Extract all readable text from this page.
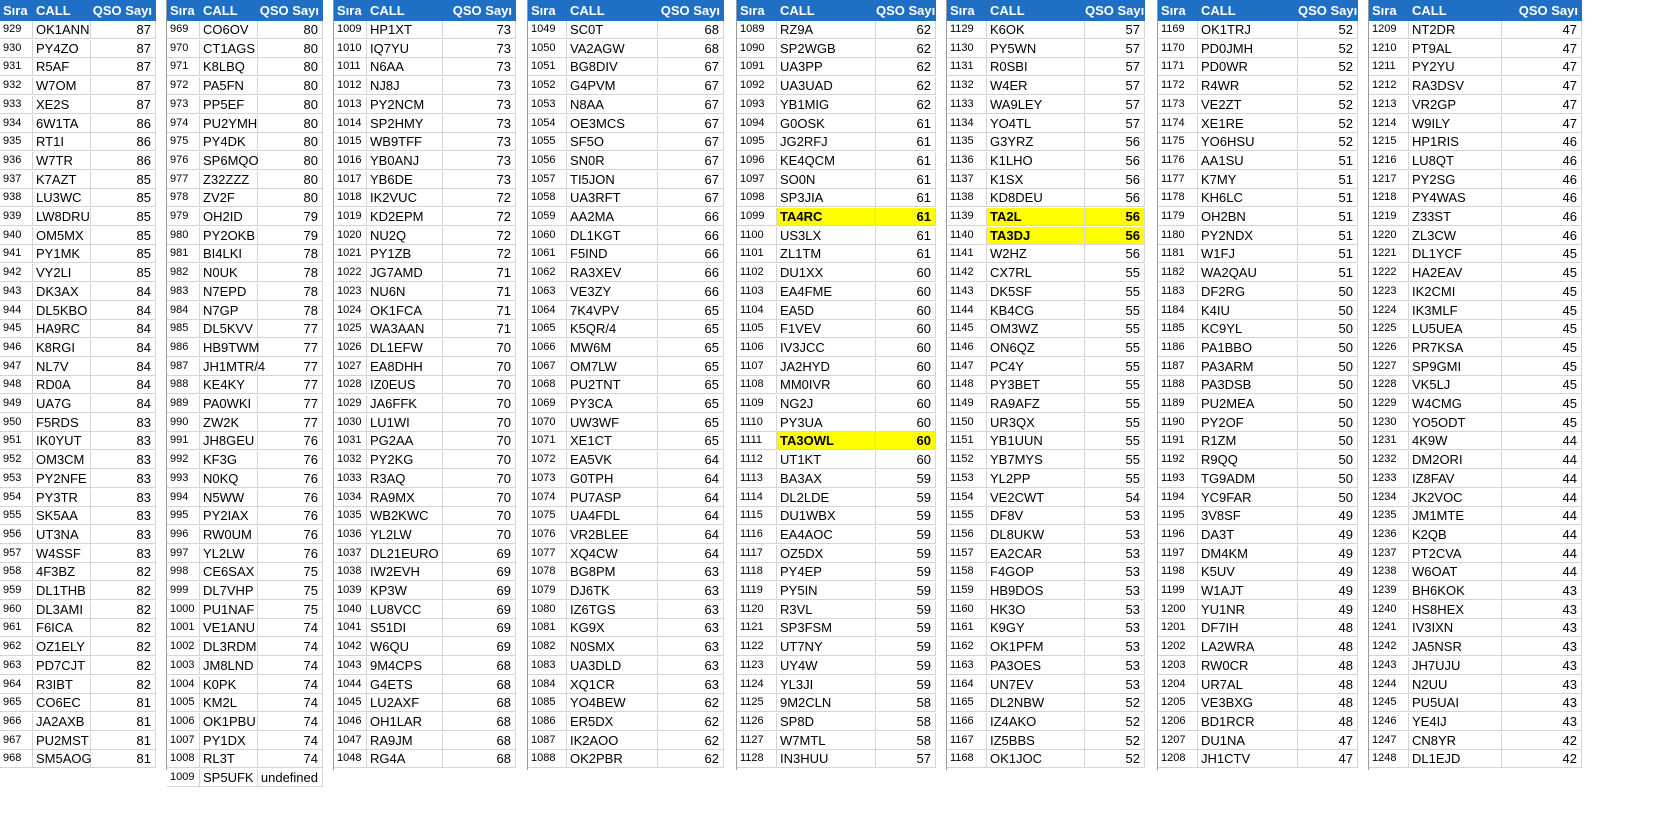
Sıra CALL	QSO Sayı
929	OK1ANN	87
930	PY4ZO	87
931	R5AF	87
932	W7OM	87
933	XE2S	87
934	6W1TA	86
935	RT1I	86
936	W7TR	86
937	K7AZT	85
938	LU3WC	85
939	LW8DRU	85
940	OM5MX	85
941	PY1MK	85
942	VY2LI	85
943	DK3AX	84
944	DL5KBO	84
945	HA9RC	84
946	K8RGI	84
947	NL7V	84
948	RD0A	84
949	UA7G	84
950	F5RDS	83
951	IK0YUT	83
952	OM3CM	83
953	PY2NFE	83
954	PY3TR	83
955	SK5AA	83
956	UT3NA	83
957	W4SSF	83
958	4F3BZ	82
959	DL1THB	82
960	DL3AMI	82
961	F6ICA	82
962	OZ1ELY	82
963	PD7CJT	82
964	R3IBT	82
965	CO6EC	81
966	JA2AXB	81
967	PU2MST	81
968	SM5AOG	81
Sıra CALL	QSO Sayı
969	CO6OV	80
970	CT1AGS	80
971	K8LBQ	80
972	PA5FN	80
973	PP5EF	80
974	PU2YMH	80
975	PY4DK	80
976	SP6MQO	80
977	Z32ZZZ	80
978	ZV2F	80
979	OH2ID	79
980	PY2OKB	79
981	BI4LKI	78
982	N0UK	78
983	N7EPD	78
984	N7GP	78
985	DL5KVV	77
986	HB9TWM	77
987	JH1MTR/4	77
988	KE4KY	77
989	PA0WKI	77
990	ZW2K	77
991	JH8GEU	76
992	KF3G	76
993	N0KQ	76
994	N5WW	76
995	PY2IAX	76
996	RW0UM	76
997	YL2LW	76
998	CE6SAX	75
999	DL7VHP	75
1000 PU1NAF	75
1001 VE1ANU	74
1002 DL3RDM	74
1003 JM8LND	74
1004 K0PK	74
1005 KM2L	74
1006 OK1PBU	74
1007 PY1DX	74
1008 RL3T	74
1009 SP5UFK undefined
Sıra CALL	QSO Sayı
1009 HP1XT	73
1010 IQ7YU	73
1011 N6AA	73
1012 NJ8J	73
1013 PY2NCM	73
1014 SP2HMY	73
1015 WB9TFF	73
1016 YB0ANJ	73
1017 YB6DE	73
1018 IK2VUC	72
1019 KD2EPM	72
1020 NU2Q	72
1021 PY1ZB	72
1022 JG7AMD	71
1023 NU6N	71
1024 OK1FCA	71
1025 WA3AAN	71
1026 DL1EFW	70
1027 EA8DHH	70
1028 IZ0EUS	70
1029 JA6FFK	70
1030 LU1WI	70
1031 PG2AA	70
1032 PY2KG	70
1033 R3AQ	70
1034 RA9MX	70
1035 WB2KWC	70
1036 YL2LW	70
1037 DL21EURO	69
1038 IW2EVH	69
1039 KP3W	69
1040 LU8VCC	69
1041 S51DI	69
1042 W6QU	69
1043 9M4CPS	68
1044 G4ETS	68
1045 LU2AXF	68
1046 OH1LAR	68
1047 RA9JM	68
1048 RG4A	68
Sıra	CALL	QSO Sayı
1049	SC0T	68
1050	VA2AGW	68
1051	BG8DIV	67
1052	G4PVM	67
1053	N8AA	67
1054	OE3MCS	67
1055	SF5O	67
1056	SN0R	67
1057	TI5JON	67
1058	UA3RFT	67
1059	AA2MA	66
1060	DL1KGT	66
1061	F5IND	66
1062	RA3XEV	66
1063	VE3ZY	66
1064	7K4VPV	65
1065	K5QR/4	65
1066	MW6M	65
1067	OM7LW	65
1068	PU2TNT	65
1069	PY3CA	65
1070	UW3WF	65
1071	XE1CT	65
1072	EA5VK	64
1073	G0TPH	64
1074	PU7ASP	64
1075	UA4FDL	64
1076	VR2BLEE	64
1077	XQ4CW	64
1078	BG8PM	63
1079	DJ6TK	63
1080	IZ6TGS	63
1081	KG9X	63
1082	N0SMX	63
1083	UA3DLD	63
1084	XQ1CR	63
1085	YO4BEW	62
1086	ER5DX	62
1087	IK2AOO	62
1088	OK2PBR	62
Sıra	CALL	QSO Sayı
1089	RZ9A	62
1090	SP2WGB	62
1091	UA3PP	62
1092	UA3UAD	62
1093	YB1MIG	62
1094	G0OSK	61
1095	JG2RFJ	61
1096	KE4QCM	61
1097	SO0N	61
1098	SP3JIA	61
1099	TA4RC	61
1100	US3LX	61
1101	ZL1TM	61
1102	DU1XX	60
1103	EA4FME	60
1104	EA5D	60
1105	F1VEV	60
1106	IV3JCC	60
1107	JA2HYD	60
1108	MM0IVR	60
1109	NG2J	60
1110	PY3UA	60
1111	TA3OWL	60
1112	UT1KT	60
1113	BA3AX	59
1114	DL2LDE	59
1115	DU1WBX	59
1116	EA4AOC	59
1117	OZ5DX	59
1118	PY4EP	59
1119	PY5IN	59
1120	R3VL	59
1121	SP3FSM	59
1122	UT7NY	59
1123	UY4W	59
1124	YL3JI	59
1125	9M2CLN	58
1126	SP8D	58
1127	W7MTL	58
1128	IN3HUU	57
Sıra	CALL	QSO Sayı
1129	K6OK	57
1130	PY5WN	57
1131	R0SBI	57
1132	W4ER	57
1133	WA9LEY	57
1134	YO4TL	57
1135	G3YRZ	56
1136	K1LHO	56
1137	K1SX	56
1138	KD8DEU	56
1139	TA2L	56
1140	TA3DJ	56
1141	W2HZ	56
1142	CX7RL	55
1143	DK5SF	55
1144	KB4CG	55
1145	OM3WZ	55
1146	ON6QZ	55
1147	PC4Y	55
1148	PY3BET	55
1149	RA9AFZ	55
1150	UR3QX	55
1151	YB1UUN	55
1152	YB7MYS	55
1153	YL2PP	55
1154	VE2CWT	54
1155	DF8V	53
1156	DL8UKW	53
1157	EA2CAR	53
1158	F4GOP	53
1159	HB9DOS	53
1160	HK3O	53
1161	K9GY	53
1162	OK1PFM	53
1163	PA3OES	53
1164	UN7EV	53
1165	DL2NBW	52
1166	IZ4AKO	52
1167	IZ5BBS	52
1168	OK1JOC	52
Sıra	CALL	QSO Sayı
1169	OK1TRJ	52
1170	PD0JMH	52
1171	PD0WR	52
1172	R4WR	52
1173	VE2ZT	52
1174	XE1RE	52
1175	YO6HSU	52
1176	AA1SU	51
1177	K7MY	51
1178	KH6LC	51
1179	OH2BN	51
1180	PY2NDX	51
1181	W1FJ	51
1182	WA2QAU	51
1183	DF2RG	50
1184	K4IU	50
1185	KC9YL	50
1186	PA1BBO	50
1187	PA3ARM	50
1188	PA3DSB	50
1189	PU2MEA	50
1190	PY2OF	50
1191	R1ZM	50
1192	R9QQ	50
1193	TG9ADM	50
1194	YC9FAR	50
1195	3V8SF	49
1196	DA3T	49
1197	DM4KM	49
1198	K5UV	49
1199	W1AJT	49
1200	YU1NR	49
1201	DF7IH	48
1202	LA2WRA	48
1203	RW0CR	48
1204	UR7AL	48
1205	VE3BXG	48
1206	BD1RCR	48
1207	DU1NA	47
1208	JH1CTV	47
Sıra	CALL	QSO Sayı
1209	NT2DR	47
1210	PT9AL	47
1211	PY2YU	47
1212	RA3DSV	47
1213	VR2GP	47
1214	W9ILY	47
1215	HP1RIS	46
1216	LU8QT	46
1217	PY2SG	46
1218	PY4WAS	46
1219	Z33ST	46
1220	ZL3CW	46
1221	DL1YCF	45
1222	HA2EAV	45
1223	IK2CMI	45
1224	IK3MLF	45
1225	LU5UEA	45
1226	PR7KSA	45
1227	SP9GMI	45
1228	VK5LJ	45
1229	W4CMG	45
1230	YO5ODT	45
1231	4K9W	44
1232	DM2ORI	44
1233	IZ8FAV	44
1234	JK2VOC	44
1235	JM1MTE	44
1236	K2QB	44
1237	PT2CVA	44
1238	W6OAT	44
1239	BH6KOK	43
1240	HS8HEX	43
1241	IV3IXN	43
1242	JA5NSR	43
1243	JH7UJU	43
1244	N2UU	43
1245	PU5UAI	43
1246	YE4IJ	43
1247	CN8YR	42
1248	DL1EJD	42
